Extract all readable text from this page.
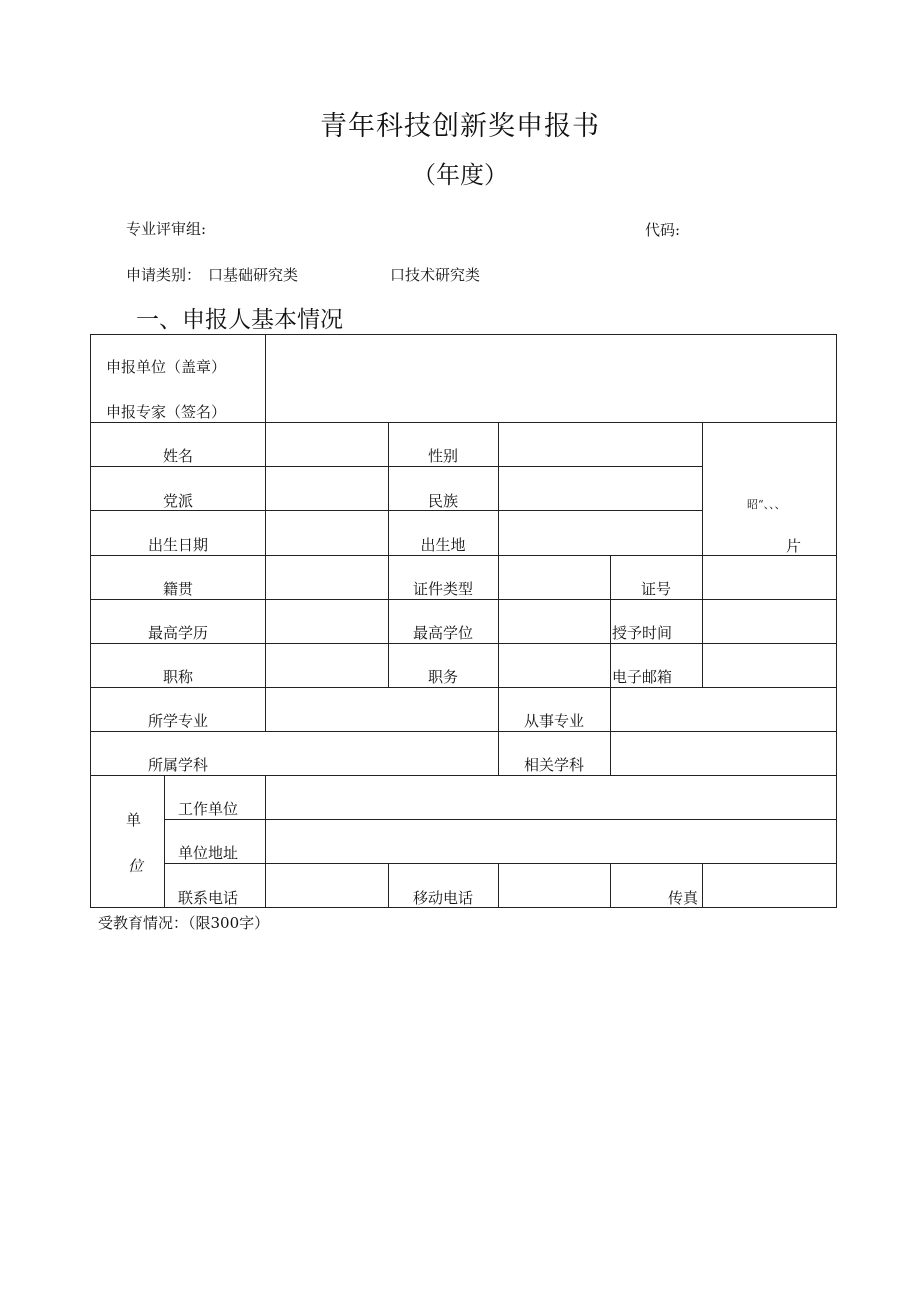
青年科技创新奖申报书
（年度）
专业评审组:	代码:
申请类别： 口基础研究类	口技术研究类
一、申报人基本情况
申报单位（盖章）
申报专家（签名）
姓名	性别
党派	民族
出生日期	出生地
昭“、、、
片
籍贯	证件类型	证号
最高学历	最高学位	授予时间
职称	职务	电子邮箱
所学专业	从事专业
所属学科	相关学科
单
位
工作单位
单位地址
联系电话	移动电话	传真
受教育情况：（限300字）
